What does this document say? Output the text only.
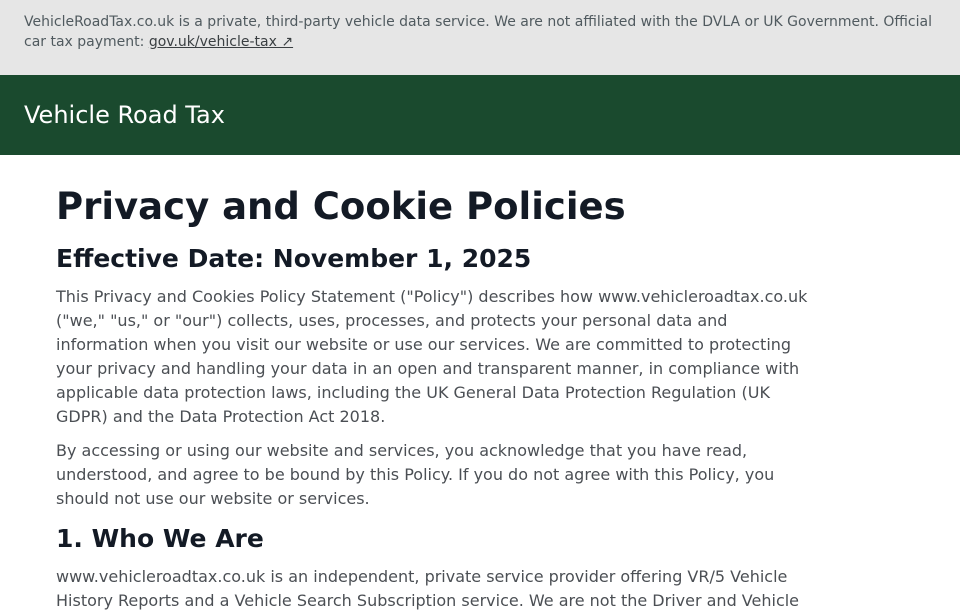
VehicleRoadTax.co.uk is a private, third-party vehicle data service. We are not affiliated with the DVLA or UK Government. Official car tax payment: gov.uk/vehicle-tax ↗
Vehicle Road Tax
Privacy and Cookie Policies
Effective Date: November 1, 2025

This Privacy and Cookies Policy Statement ("Policy") describes how www.vehicleroadtax.co.uk ("we," "us," or "our") collects, uses, processes, and protects your personal data and information when you visit our website or use our services. We are committed to protecting your privacy and handling your data in an open and transparent manner, in compliance with applicable data protection laws, including the UK General Data Protection Regulation (UK GDPR) and the Data Protection Act 2018.

By accessing or using our website and services, you acknowledge that you have read, understood, and agree to be bound by this Policy. If you do not agree with this Policy, you should not use our website or services.

1. Who We Are

www.vehicleroadtax.co.uk is an independent, private service provider offering VR/5 Vehicle History Reports and a Vehicle Search Subscription service. We are not the Driver and Vehicle
